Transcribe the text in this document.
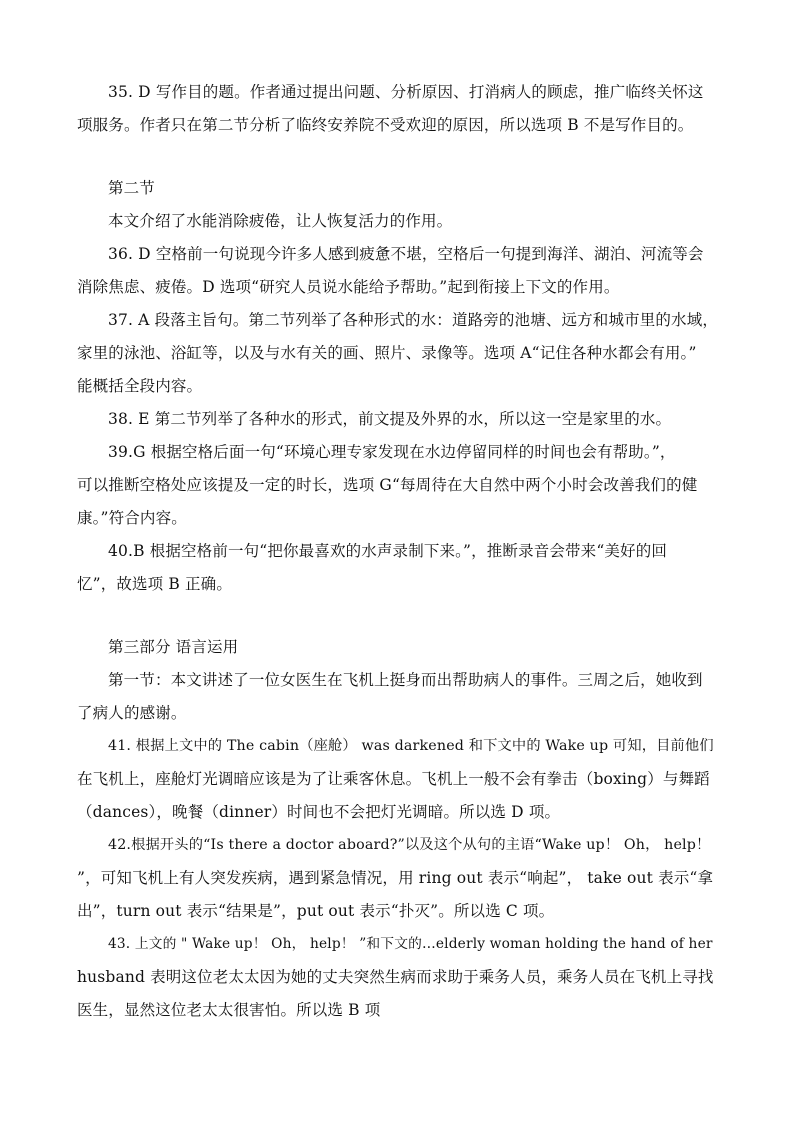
35. D 写作目的题。作者通过提出问题、分析原因、打消病人的顾虑，推广临终关怀这
项服务。作者只在第二节分析了临终安养院不受欢迎的原因，所以选项 B 不是写作目的。
第二节
本文介绍了水能消除疲倦，让人恢复活力的作用。
36. D 空格前一句说现今许多人感到疲惫不堪，空格后一句提到海洋、湖泊、河流等会
消除焦虑、疲倦。D 选项“研究人员说水能给予帮助。”起到衔接上下文的作用。
37. A 段落主旨句。第二节列举了各种形式的水：道路旁的池塘、远方和城市里的水域，
家里的泳池、浴缸等，以及与水有关的画、照片、录像等。选项 A“记住各种水都会有用。”
能概括全段内容。
38. E 第二节列举了各种水的形式，前文提及外界的水，所以这一空是家里的水。
39.G 根据空格后面一句“环境心理专家发现在水边停留同样的时间也会有帮助。”，
可以推断空格处应该提及一定的时长，选项 G“每周待在大自然中两个小时会改善我们的健
康。”符合内容。
40.B 根据空格前一句“把你最喜欢的水声录制下来。”，推断录音会带来“美好的回
忆”，故选项 B 正确。
第三部分 语言运用
第一节：本文讲述了一位女医生在飞机上挺身而出帮助病人的事件。三周之后，她收到
了病人的感谢。
41. 根据上文中的 The cabin（座舱） was darkened 和下文中的 Wake up 可知，目前他们
在飞机上，座舱灯光调暗应该是为了让乘客休息。飞机上一般不会有拳击（boxing）与舞蹈
（dances），晚餐（dinner）时间也不会把灯光调暗。所以选 D 项。
42.根据开头的“Is there a doctor aboard?”以及这个从句的主语“Wake up！ Oh， help！
”，可知飞机上有人突发疾病，遇到紧急情况，用 ring out 表示“响起”， take out 表示“拿
出”，turn out 表示“结果是”，put out 表示“扑灭”。所以选 C 项。
43. 上文的 " Wake up！ Oh， help！ ”和下文的…elderly woman holding the hand of her
husband 表明这位老太太因为她的丈夫突然生病而求助于乘务人员，乘务人员在飞机上寻找
医生，显然这位老太太很害怕。所以选 B 项
